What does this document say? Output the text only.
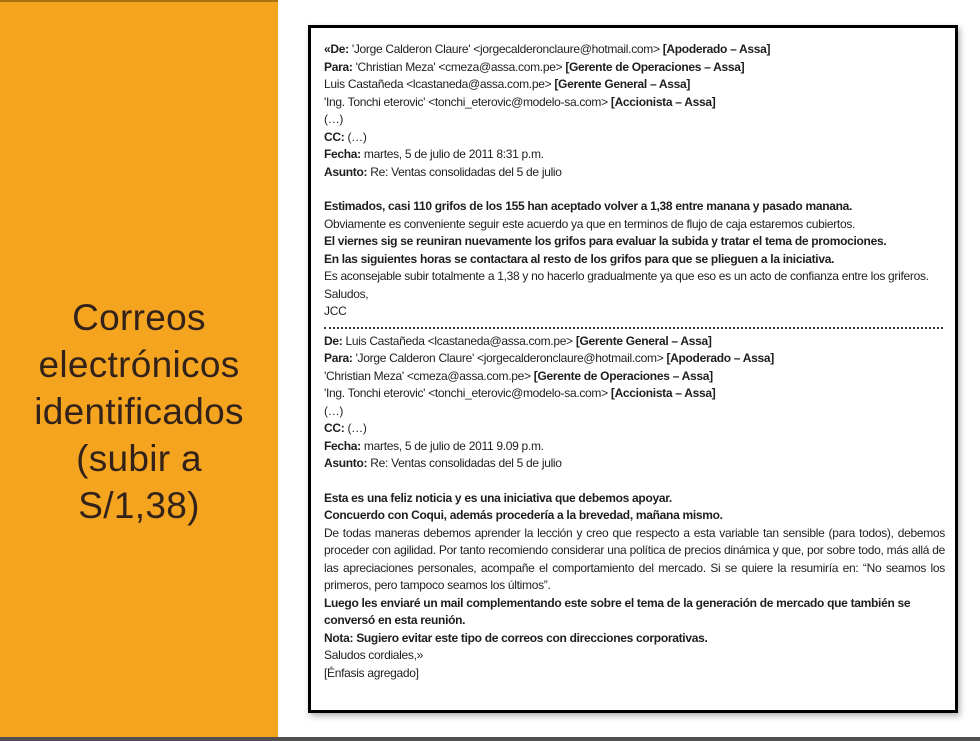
Correos
electrónicos
identificados
(subir a
S/1,38)
«De: 'Jorge Calderon Claure' <jorgecalderonclaure@hotmail.com> [Apoderado – Assa]
Para: 'Christian Meza' <cmeza@assa.com.pe> [Gerente de Operaciones – Assa]
Luis Castañeda <lcastaneda@assa.com.pe> [Gerente General – Assa]
'Ing. Tonchi eterovic' <tonchi_eterovic@modelo-sa.com> [Accionista – Assa]
(…)
CC: (…)
Fecha: martes, 5 de julio de 2011 8:31 p.m.
Asunto: Re: Ventas consolidadas del 5 de julio
Estimados, casi 110 grifos de los 155 han aceptado volver a 1,38 entre manana y pasado manana.
Obviamente es conveniente seguir este acuerdo ya que en terminos de flujo de caja estaremos cubiertos.
El viernes sig se reuniran nuevamente los grifos para evaluar la subida y tratar el tema de promociones.
En las siguientes horas se contactara al resto de los grifos para que se plieguen a la iniciativa.
Es aconsejable subir totalmente a 1,38 y no hacerlo gradualmente ya que eso es un acto de confianza entre los griferos.
Saludos,
JCC
De: Luis Castañeda <lcastaneda@assa.com.pe> [Gerente General – Assa]
Para: 'Jorge Calderon Claure' <jorgecalderonclaure@hotmail.com> [Apoderado – Assa]
'Christian Meza' <cmeza@assa.com.pe> [Gerente de Operaciones – Assa]
'Ing. Tonchi eterovic' <tonchi_eterovic@modelo-sa.com> [Accionista – Assa]
(…)
CC: (…)
Fecha: martes, 5 de julio de 2011 9.09 p.m.
Asunto: Re: Ventas consolidadas del 5 de julio
Esta es una feliz noticia y es una iniciativa que debemos apoyar.
Concuerdo con Coqui, además procedería a la brevedad, mañana mismo.
De todas maneras debemos aprender la lección y creo que respecto a esta variable tan sensible (para todos), debemos proceder con agilidad. Por tanto recomiendo considerar una política de precios dinámica y que, por sobre todo, más allá de las apreciaciones personales, acompañe el comportamiento del mercado. Si se quiere la resumiría en: “No seamos los primeros, pero tampoco seamos los últimos”.
Luego les enviaré un mail complementando este sobre el tema de la generación de mercado que también se conversó en esta reunión.
Nota: Sugiero evitar este tipo de correos con direcciones corporativas.
Saludos cordiales,»
[Énfasis agregado]
